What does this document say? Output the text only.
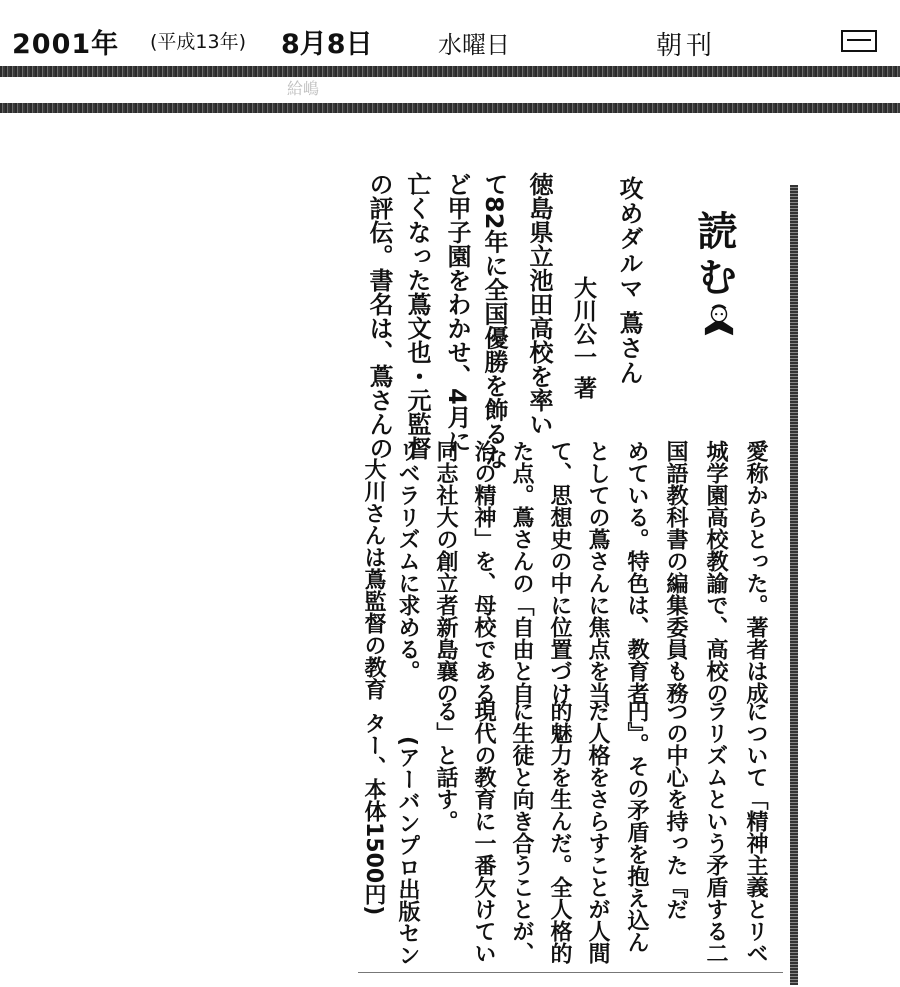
2001年 (平成13年) 8月8日	水曜日	朝刊
給嶋
読む
攻めダルマ 蔦さん
大川公一 著
徳島県立池田高校を率い
て82年に全国優勝を飾るな
ど甲子園をわかせ、4月に
亡くなった蔦文也・元監督
の評伝。書名は、蔦さんの
愛称からとった。著者は成
城学園高校教諭で、高校の
国語教科書の編集委員も務
めている。特色は、教育者
としての蔦さんに焦点を当
て、思想史の中に位置づけ
た点。蔦さんの「自由と自
治の精神」を、母校である
同志社大の創立者新島襄の
リベラリズムに求める。
大川さんは蔦監督の教育
について「精神主義とリベ
ラリズムという矛盾する二
つの中心を持った『だ
円』。その矛盾を抱え込ん
だ人格をさらすことが人間
的魅力を生んだ。全人格的
に生徒と向き合うことが、
現代の教育に一番欠けてい
る」と話す。
(アーバンプロ出版セン
ター、本体1500円)
